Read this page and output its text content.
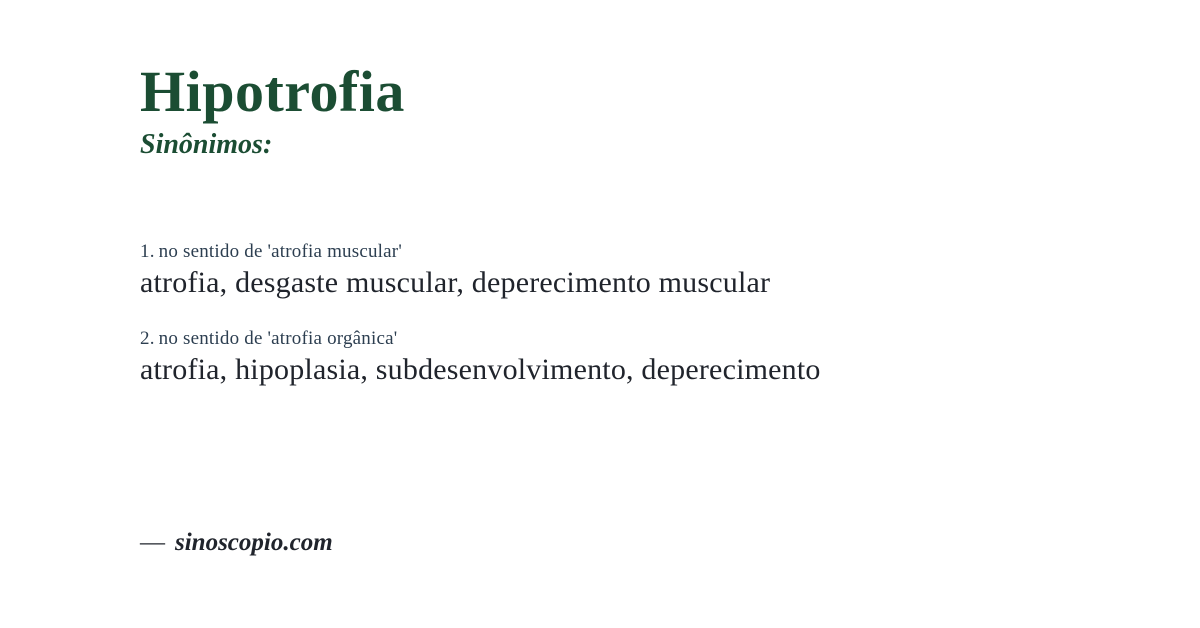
Hipotrofia
Sinônimos:
1. no sentido de 'atrofia muscular'
atrofia, desgaste muscular, deperecimento muscular
2. no sentido de 'atrofia orgânica'
atrofia, hipoplasia, subdesenvolvimento, deperecimento
— sinoscopio.com
